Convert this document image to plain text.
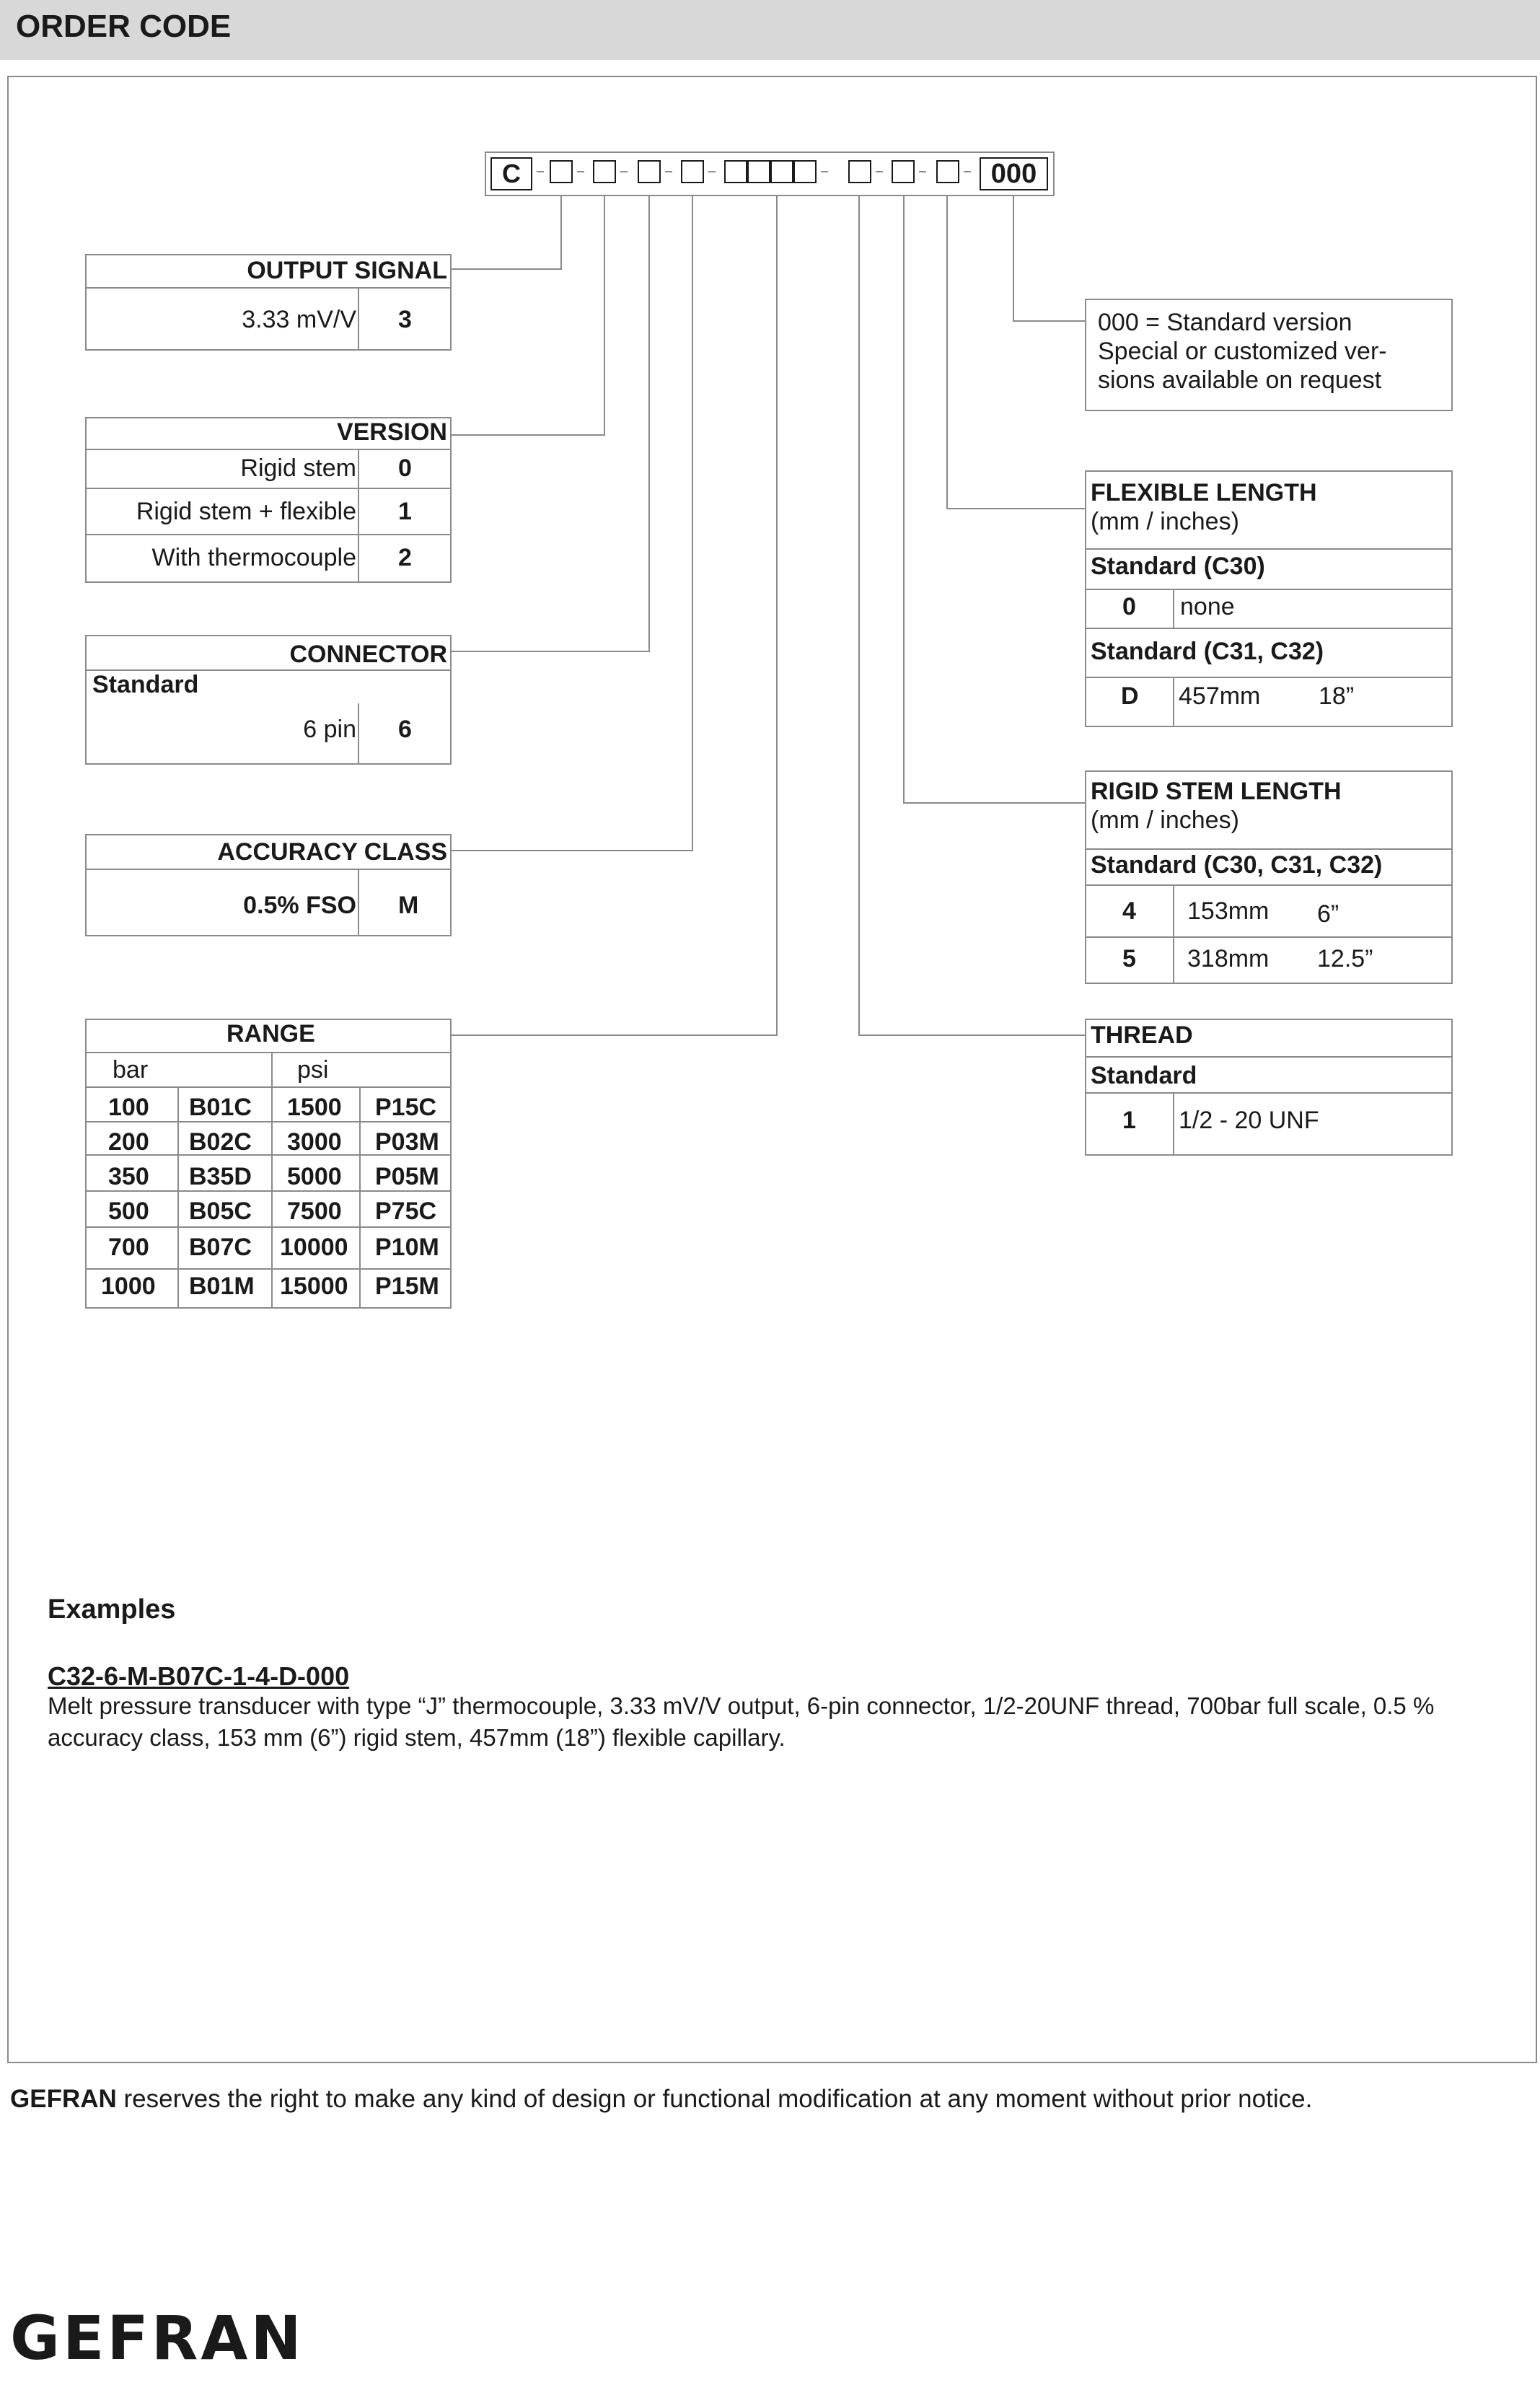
ORDER CODE
C	000
OUTPUT SIGNAL
3.33 mV/V 3
VERSION
Rigid stem 0
Rigid stem + flexible 1
With thermocouple 2
CONNECTOR
Standard
6 pin 6
ACCURACY CLASS
0.5% FSO M
RANGE
bar	psi
100 B01C 1500 P15C
200 B02C 3000 P03M
350 B35D 5000 P05M
500 B05C 7500 P75C
700 B07C 10000 P10M
1000 B01M 15000 P15M
000 = Standard version
Special or customized ver-
sions available on request
FLEXIBLE LENGTH
(mm / inches)
Standard (C30)
0 none
Standard (C31, C32)
D 457mm 18”
RIGID STEM LENGTH
(mm / inches)
Standard (C30, C31, C32)
4 153mm 6”
5 318mm 12.5”
THREAD
Standard
1 1/2 - 20 UNF
Examples
C32-6-M-B07C-1-4-D-000
Melt pressure transducer with type “J” thermocouple, 3.33 mV/V output, 6-pin connector, 1/2-20UNF thread, 700bar full scale, 0.5 % accuracy class, 153 mm (6”) rigid stem, 457mm (18”) flexible capillary.
GEFRAN reserves the right to make any kind of design or functional modification at any moment without prior notice.
GEFRAN
